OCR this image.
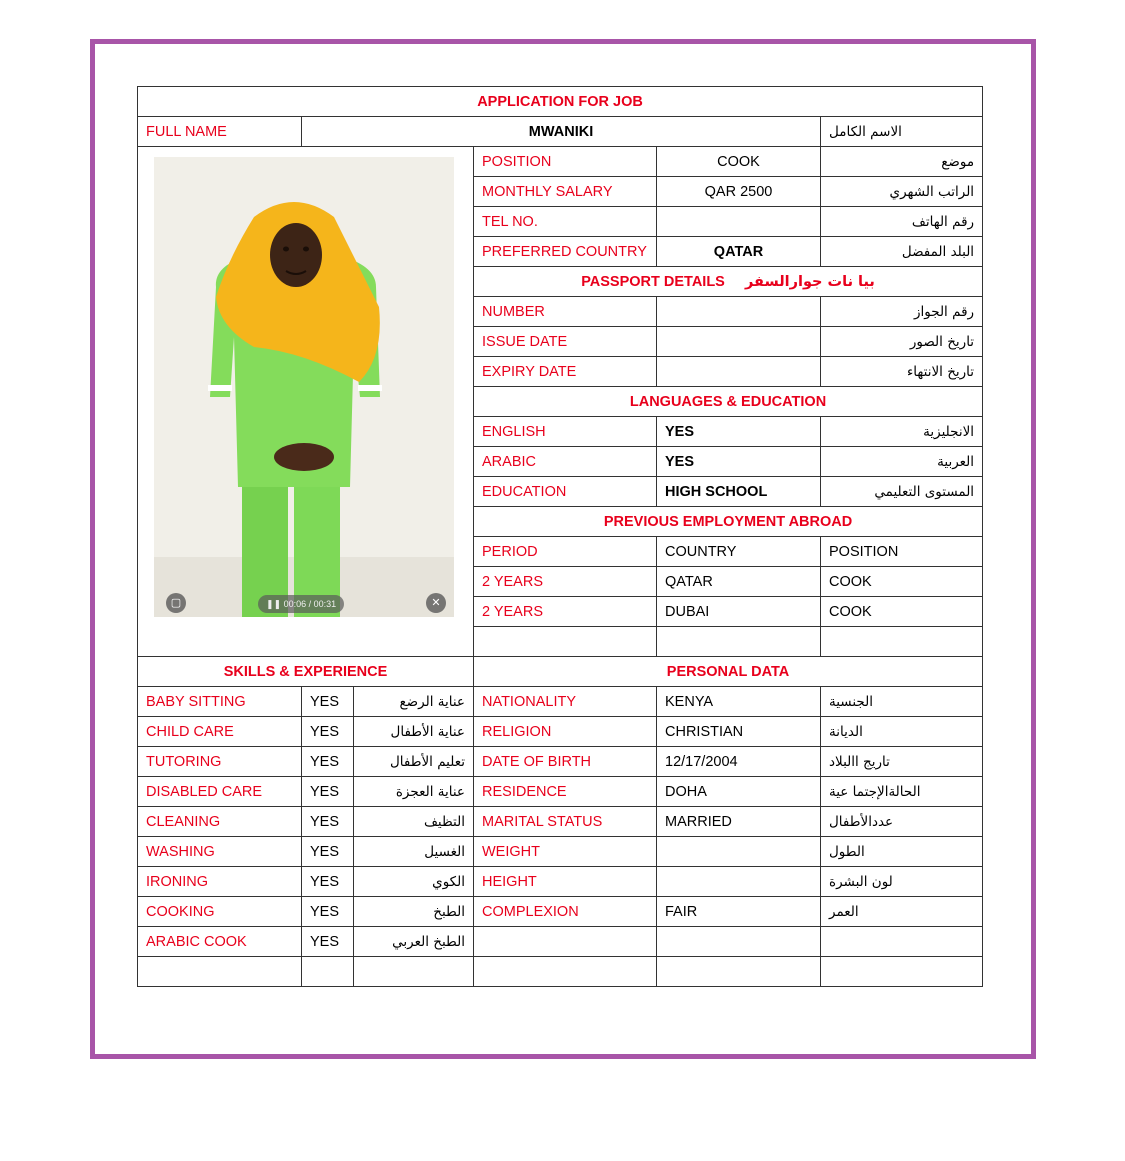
APPLICATION FOR JOB					
FULL NAME	MWANIKI				الاسم الكامل

▢ ❚❚ 00:06 / 00:31 ✕			POSITION	COOK	موضع
			MONTHLY SALARY	QAR 2500	الراتب الشهري
			TEL NO.		رقم الهاتف
			PREFERRED COUNTRY	QATAR	البلد المفضل
			PASSPORT DETAILS بيا نات جوارالسفر		
			NUMBER		رقم الجواز
			ISSUE DATE		تاريخ الصور
			EXPIRY DATE		تاريخ الانتهاء
			LANGUAGES & EDUCATION		
			ENGLISH	YES	الانجليزية
			ARABIC	YES	العربية
			EDUCATION	HIGH SCHOOL	المستوى التعليمي
			PREVIOUS EMPLOYMENT ABROAD		
			PERIOD	COUNTRY	POSITION
			2 YEARS	QATAR	COOK
			2 YEARS	DUBAI	COOK

SKILLS & EXPERIENCE			PERSONAL DATA		
BABY SITTING	YES	عناية الرضع	NATIONALITY	KENYA	الجنسية
CHILD CARE	YES	عناية الأطفال	RELIGION	CHRISTIAN	الديانة
TUTORING	YES	تعليم الأطفال	DATE OF BIRTH	12/17/2004	تاريج االبلاد
DISABLED CARE	YES	عناية العجزة	RESIDENCE	DOHA	الحالةالإجتما عية
CLEANING	YES	التظيف	MARITAL STATUS	MARRIED	عددالأطفال
WASHING	YES	الغسيل	WEIGHT		الطول
IRONING	YES	الكوي	HEIGHT		لون البشرة
COOKING	YES	الطبخ	COMPLEXION	FAIR	العمر
ARABIC COOK	YES	الطبخ العربي			
